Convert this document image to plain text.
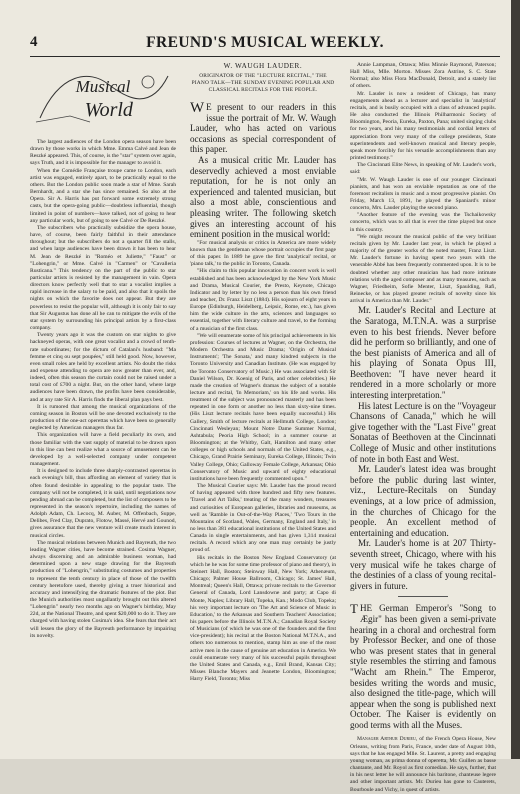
4	FREUND'S MUSICAL WEEKLY.
Musical
World

The largest audiences of the London opera season have been drawn by those works in which Mme. Emma Calvé and Jean de Reszké appeared. This, of course, is the "star" system over again, says Truth, and it is impossible for the manager to avoid it.

When the Comédie Française troupe came to London, each artist was engaged, entirely apart, to be practically equal to the others. But the London public soon made a star of Mme. Sarah Bernhardt, and a star she has since remained. So also at the Opera. Sir A. Harris has put forward some extremely strong casts, but the opera-going public—doubtless influential, though limited in point of numbers—have talked, not of going to hear any particular work, but of going to see Calvé or De Reszké.

The subscribers who practically subsidize the opera house, have, of course, been fairly faithful in their attendance throughout; but the subscribers do not a quarter fill the stalls, and when large audiences have been drawn it has been to hear M. Jean de Reszké in "Roméo et Juliette," "Faust" or "Lohengrin," or Mme. Calvé in "Carmen" or "Cavalleria Rusticana." This tendency on the part of the public to star particular artists is resisted by the management in vain. Opera directors know perfectly well that to star a vocalist implies a rapid increase in the salary to be paid, and also that it spoils the nights on which the favorite does not appear. But they are powerless to resist the popular will, although it is only fair to say that Sir Augustus has done all he can to mitigate the evils of the star system by surrounding his principal artists by a first-class company.

Twenty years ago it was the custom on star nights to give hackneyed operas, with one great vocalist and a crowd of tenth-rate subordinates; for the dictum of Catalani's husband: "Ma femme et cinq ou sept poupées," still held good. Now, however, even small roles are held by excellent artists. No doubt the risks and expense attending to opera are now greater than ever, and, indeed, often this season the curtain could not be raised under a total cost of £700 a night. But, on the other hand, where large audiences have been drawn, the profits have been considerable, and at any rate Sir A. Harris finds the liberal plan pays best.

It is rumored that among the musical organizations of the coming season in Boston will be one devoted exclusively to the production of the one-act operettas which have been so generally neglected by American managers thus far.

This organization will have a field peculiarly its own, and those familiar with the vast supply of material to be drawn upon in this line can best realize what a source of amusement can be developed by a well-selected company under competent management.

It is designed to include three sharply-contrasted operettas in each evening's bill, thus affording an element of variety that is often found desirable in appealing to the popular taste. The company will not be completed, it is said, until negotiations now pending abroad can be completed, but the list of composers to be represented in the season's repertoire, including the names of Adolph Adam, Ch. Lecocq, M. Auber, M. Offenbach, Suppe, Delibes, Fred Clay, Duprato, Flotow, Massé, Hervé and Gounod, gives assurance that the new venture will create much interest in musical circles.

The musical relations between Munich and Bayreuth, the two leading Wagner cities, have become strained. Cosima Wagner, always discerning and an admirable business woman, had determined upon a new stage drawing for the Bayreuth production of "Lohengrin," substituting costumes and properties to represent the tenth century in place of those of the twelfth century heretofore used, thereby giving a truer historical and accuracy and intensifying the dramatic features of the plot. But the Munich authorities most ungallantly brought out this altered "Lohengrin" nearly two months ago on Wagner's birthday, May 22d, at the National Theatre, and spent $20,000 to do it. They are charged with having stolen Cosima's idea. She fears that their act will lessen the glory of the Bayreuth performance by impairing its novelty.

W. WAUGH LAUDER.
ORIGINATOR OF THE "LECTURE RECITAL," THE PIANO TALK—THE SUNDAY EVENING POPULAR AND CLASSICAL RECITALS FOR THE PEOPLE.
W E present to our readers in this issue the portrait of Mr. W. Waugh Lauder, who has acted on various occasions as special correspondent of this paper.

As a musical critic Mr. Lauder has deservedly achieved a most enviable reputation, for he is not only an experienced and talented musician, but also a most able, conscientious and pleasing writer. The following sketch gives an interesting account of his eminent position in the musical world:

"For musical analysis or critics in America are more widely known than the gentleman whose portrait occupies the first page of this paper. In 1889 he gave the first 'analytical' recital, or 'piano talk,' to the public in Toronto, Canada.

"His claim to this popular innovation in concert work is well established and has been acknowledged by the New York Music and Drama, Musical Courier, the Presto, Keynote, Chicago Indicator and by letter by no less a person than his own friend and teacher, Dr. Franz Liszt (1884). His sojourn of eight years in Europe (Edinburgh, Heidelberg, Leipsic, Rome, etc.), has given him the wide culture in the arts, sciences and languages so essential, together with literary culture and travel, to the forming of a musician of the first class.

"We will enumerate some of his principal achievements in his profession: Courses of lectures at Wagner, on the Orchestra, the Modern Orchestra and Music Drama; 'Origin of Musical Instruments'; 'The Sonata,' and many kindred subjects in the Toronto University and Canadian Institute. (He was engaged by the Toronto Conservatory of Music.) He was associated with Sir Daniel Wilson, Dr. Koenig of Paris, and other celebrities.) He made the creation of Wagner's dramas the subject of a notable lecture and recital, 'In Memoriam,' on his life and works. His treatment of the subject was pronounced masterly and has been repeated in one form or another no less than sixty-nine times. (His Liszt lecture recitals have been equally successful.) His Gallery, Smith of lecture recitals at Hellmuth College, London; Cincinnati Wesleyan; Mount Notre Dame Summer Normal, Ashtabula; Peoria High School; in a summer course at Bloomington; at the Whitby, Galt, Hamilton and many other colleges or high schools and normals of the United States, e.g., Chicago, Grand Prairie Seminary, Eureka College, Illinois; Twin Valley College, Ohio; Galloway Female College, Arkansas; Ohio Conservatory of Music and upward of eighty educational institutions have been frequently commented upon."

The Musical Courier says: Mr. Lauder has the proud record of having appeared with three hundred and fifty new features. 'Travel and Art Talks,' treating of the many wonders, treasures and curiosities of European galleries, libraries and museums, as well as 'Ramble in Out-of-the-Way Places,' 'Two Tours in the Mountains of Scotland, Wales, Germany, England and Italy,' in no less than 381 educational institutions of the United States and Canada in single entertainments, and has given 1,314 musical recitals. A record which any one man may certainly be justly proud of.

His recitals in the Boston New England Conservatory (at which he he was for some time professor of piano and theory), in Steinert Hall, Boston; Steinway Hall, New York; Athenæum, Chicago; Palmer House Ballroom, Chicago; St. James' Hall, Montreal; Queen's Hall, Ottawa; private recitals to the Governor General of Canada, Lord Lansdowne and party; at Capo di Monte, Naples; Library Hall, Topeka, Kan.; Modo Club, Topeka; his very important lecture on 'The Art and Science of Music in Education,' to the Arkansas and Southern Teachers' Association; his papers before the Illinois M.T.N.A.; Canadian Royal Society of Musicians (of which he was one of the founders and the first vice-president); his recital at the Boston National M.T.N.A., and others too numerous to mention, stamp him as one of the most active men in the cause of genuine art education in America. We could enumerate very many of his successful pupils throughout the United States and Canada, e.g., Emil Brand, Kansas City; Misses Blanche Mayers and Jeanette London, Bloomington; Harry Field, Toronto; Miss

Annie Lampman, Ottawa; Miss Minnie Raymond, Paterson; Hall Miss, Mlle. Morton. Misses Zora Astrine, S. C. State Normal; also Miss Flora MacDonald, Detroit, and a stately list of others.

Mr. Lauder is now a resident of Chicago, has many engagements ahead as a lecturer and specialist in 'analytical' recitals, and is busily occupied with a class of advanced pupils. He also conducted the Illinois Philharmonic Society of Bloomington, Peoria, Eureka, Paxton, Pana; united singing clubs for two years, and his many testimonials and cordial letters of appreciation from very many of the college presidents, State superintendents and well-known musical and literary people, speak more forcibly for his versatile accomplishments than any printed testimony."

The Cincinnati Elite News, in speaking of Mr. Lauder's work, said:

"Mr. W. Waugh Lauder is one of our younger Cincinnati pianists, and has won an enviable reputation as one of the foremost recitalists in music and a most progressive pianist. On Friday, March 13, 1891, he played the Spaniard's minor concerto, Mrs. Lauder playing the second piano.

"Another feature of the evening was the Tschaikowsky concerto, which was to all that is ever the time played but once in this country.

"We might recount the musical public of the very brilliant recitals given by Mr. Lauder last year, in which he played a majority of the greater works of the noted master, Franz Liszt. Mr. Lauder's fortune in having spent two years with the venerable Abbé has been frequently commented upon. It is to be doubted whether any other musician has had more intimate relations with the aged composer and as many treasures, such as Wagner, Friedheim, Sofie Menter, Liszt, Spaulding, Rafi, Reinecke, or has played greater recitals of novelty since his arrival in America than Mr. Lauder."

Mr. Lauder's Recital and Lecture at the Saratoga, M.T.N.A. was a surprise even to his best friends. Never before did he perform so brilliantly, and one of the best pianists of America and all of his playing of Sonata Opus III, Beethoven: "I have never heard it rendered in a more scholarly or more interesting interpretation."

His latest Lecture is on the "Voyageur Chansons of Canada," which he will give together with the "Last Five" great Sonatas of Beethoven at the Cincinnati College of Music and other institutions of note in both East and West.

Mr. Lauder's latest idea was brought before the public during last winter, viz., Lecture-Recitals on Sunday evenings, at a low price of admission, in the churches of Chicago for the people. An excellent method of entertaining and education.

Mr. Lauder's home is at 207 Thirty-seventh street, Chicago, where with his very musical wife he takes charge of the destinies of a class of young recital-givers in future.

T HE German Emperor's "Song to Ægir" has been given a semi-private hearing in a choral and orchestral form by Professor Becker, and one of those who was present states that in general style resembles the stirring and famous "Wacht am Rhein." The Emperor, besides writing the words and music, also designed the title-page, which will appear when the song is published next October. The Kaiser is evidently on good terms with all the Muses.

Manager Arthur Durieu, of the French Opera House, New Orleans, writing from Paris, France, under date of August 10th, says that he has engaged Mlle. St. Laurent, a pretty and engaging young woman, as prima donna of operetta, Mr. Guillen as basse chantante, and Mr. Royol as first comedian. He says, further, that in his next letter he will announce his baritone, chanteuse legere and other important artists. Mr. Durieu has gone to Cauterets, Bourboule and Vichy, in quest of artists.
